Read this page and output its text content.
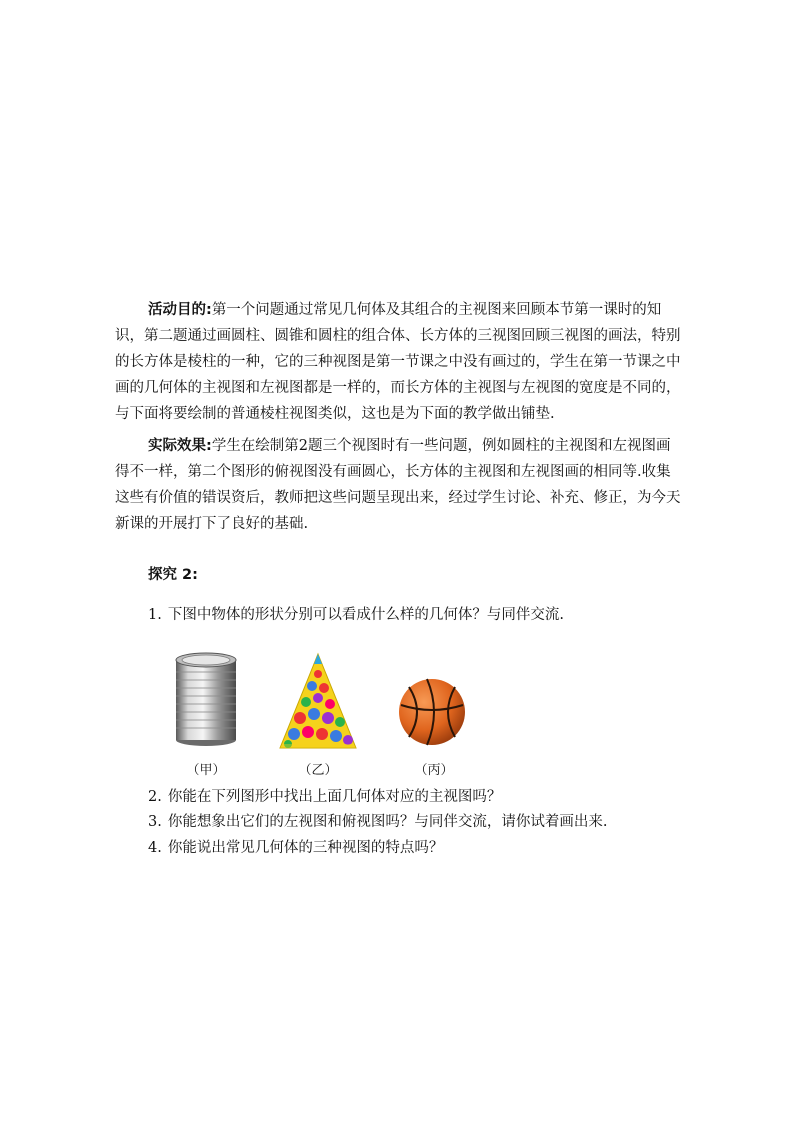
活动目的:第一个问题通过常见几何体及其组合的主视图来回顾本节第一课时的知识，第二题通过画圆柱、圆锥和圆柱的组合体、长方体的三视图回顾三视图的画法，特别的长方体是棱柱的一种，它的三种视图是第一节课之中没有画过的，学生在第一节课之中画的几何体的主视图和左视图都是一样的，而长方体的主视图与左视图的宽度是不同的，与下面将要绘制的普通棱柱视图类似，这也是为下面的教学做出铺垫.

实际效果:学生在绘制第2题三个视图时有一些问题，例如圆柱的主视图和左视图画得不一样，第二个图形的俯视图没有画圆心，长方体的主视图和左视图画的相同等.收集这些有价值的错误资后，教师把这些问题呈现出来，经过学生讨论、补充、修正，为今天新课的开展打下了良好的基础.

探究 2:

1. 下图中物体的形状分别可以看成什么样的几何体？与同伴交流.

（甲）	（乙）	（丙）

2. 你能在下列图形中找出上面几何体对应的主视图吗？

3. 你能想象出它们的左视图和俯视图吗？与同伴交流，请你试着画出来.

4. 你能说出常见几何体的三种视图的特点吗？
